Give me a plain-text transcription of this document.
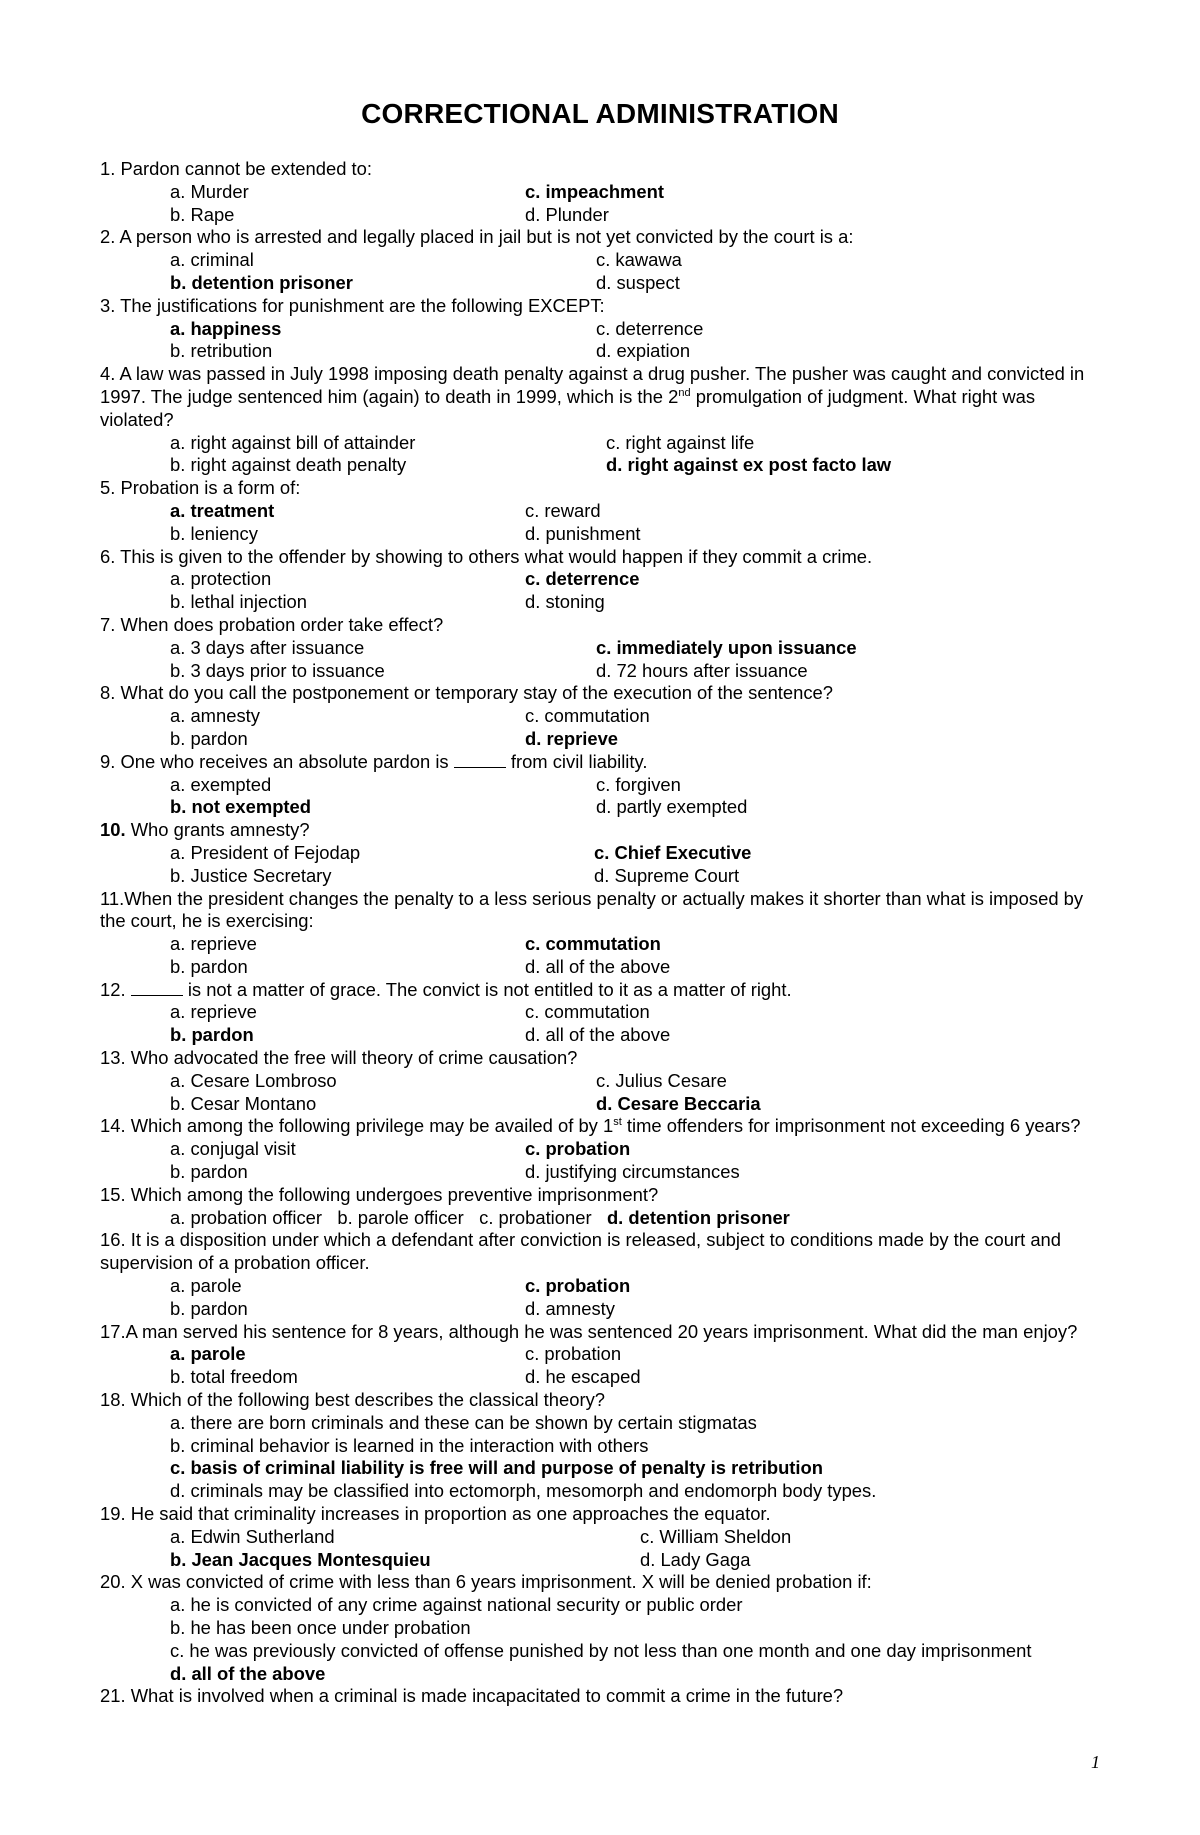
CORRECTIONAL ADMINISTRATION
1. Pardon cannot be extended to:
a. Murder	c. impeachment
b. Rape	d. Plunder
2. A person who is arrested and legally placed in jail but is not yet convicted by the court is a:
a. criminal	c. kawawa
b. detention prisoner	d. suspect
3. The justifications for punishment are the following EXCEPT:
a. happiness	c. deterrence
b. retribution	d. expiation
4. A law was passed in July 1998 imposing death penalty against a drug pusher. The pusher was caught and convicted in 1997. The judge sentenced him (again) to death in 1999, which is the 2nd promulgation of judgment. What right was violated?
a. right against bill of attainder	c. right against life
b. right against death penalty	d. right against ex post facto law
5. Probation is a form of:
a. treatment	c. reward
b. leniency	d. punishment
6. This is given to the offender by showing to others what would happen if they commit a crime.
a. protection	c. deterrence
b. lethal injection	d. stoning
7. When does probation order take effect?
a. 3 days after issuance	c. immediately upon issuance
b. 3 days prior to issuance	d. 72 hours after issuance
8. What do you call the postponement or temporary stay of the execution of the sentence?
a. amnesty	c. commutation
b. pardon	d. reprieve
9. One who receives an absolute pardon is	from civil liability.
a. exempted	c. forgiven
b. not exempted	d. partly exempted
10. Who grants amnesty?
a. President of Fejodap	c. Chief Executive
b. Justice Secretary	d. Supreme Court
11.When the president changes the penalty to a less serious penalty or actually makes it shorter than what is imposed by the court, he is exercising:
a. reprieve	c. commutation
b. pardon	d. all of the above
12.	is not a matter of grace. The convict is not entitled to it as a matter of right.
a. reprieve	c. commutation
b. pardon	d. all of the above
13. Who advocated the free will theory of crime causation?
a. Cesare Lombroso	c. Julius Cesare
b. Cesar Montano	d. Cesare Beccaria
14. Which among the following privilege may be availed of by 1st time offenders for imprisonment not exceeding 6 years?
a. conjugal visit	c. probation
b. pardon	d. justifying circumstances
15. Which among the following undergoes preventive imprisonment?
a. probation officer b. parole officer c. probationer d. detention prisoner
16. It is a disposition under which a defendant after conviction is released, subject to conditions made by the court and supervision of a probation officer.
a. parole	c. probation
b. pardon	d. amnesty
17.A man served his sentence for 8 years, although he was sentenced 20 years imprisonment. What did the man enjoy?
a. parole	c. probation
b. total freedom	d. he escaped
18. Which of the following best describes the classical theory?
a. there are born criminals and these can be shown by certain stigmatas
b. criminal behavior is learned in the interaction with others
c. basis of criminal liability is free will and purpose of penalty is retribution
d. criminals may be classified into ectomorph, mesomorph and endomorph body types.
19. He said that criminality increases in proportion as one approaches the equator.
a. Edwin Sutherland	c. William Sheldon
b. Jean Jacques Montesquieu	d. Lady Gaga
20. X was convicted of crime with less than 6 years imprisonment. X will be denied probation if:
a. he is convicted of any crime against national security or public order
b. he has been once under probation
c. he was previously convicted of offense punished by not less than one month and one day imprisonment
d. all of the above
21. What is involved when a criminal is made incapacitated to commit a crime in the future?
1
